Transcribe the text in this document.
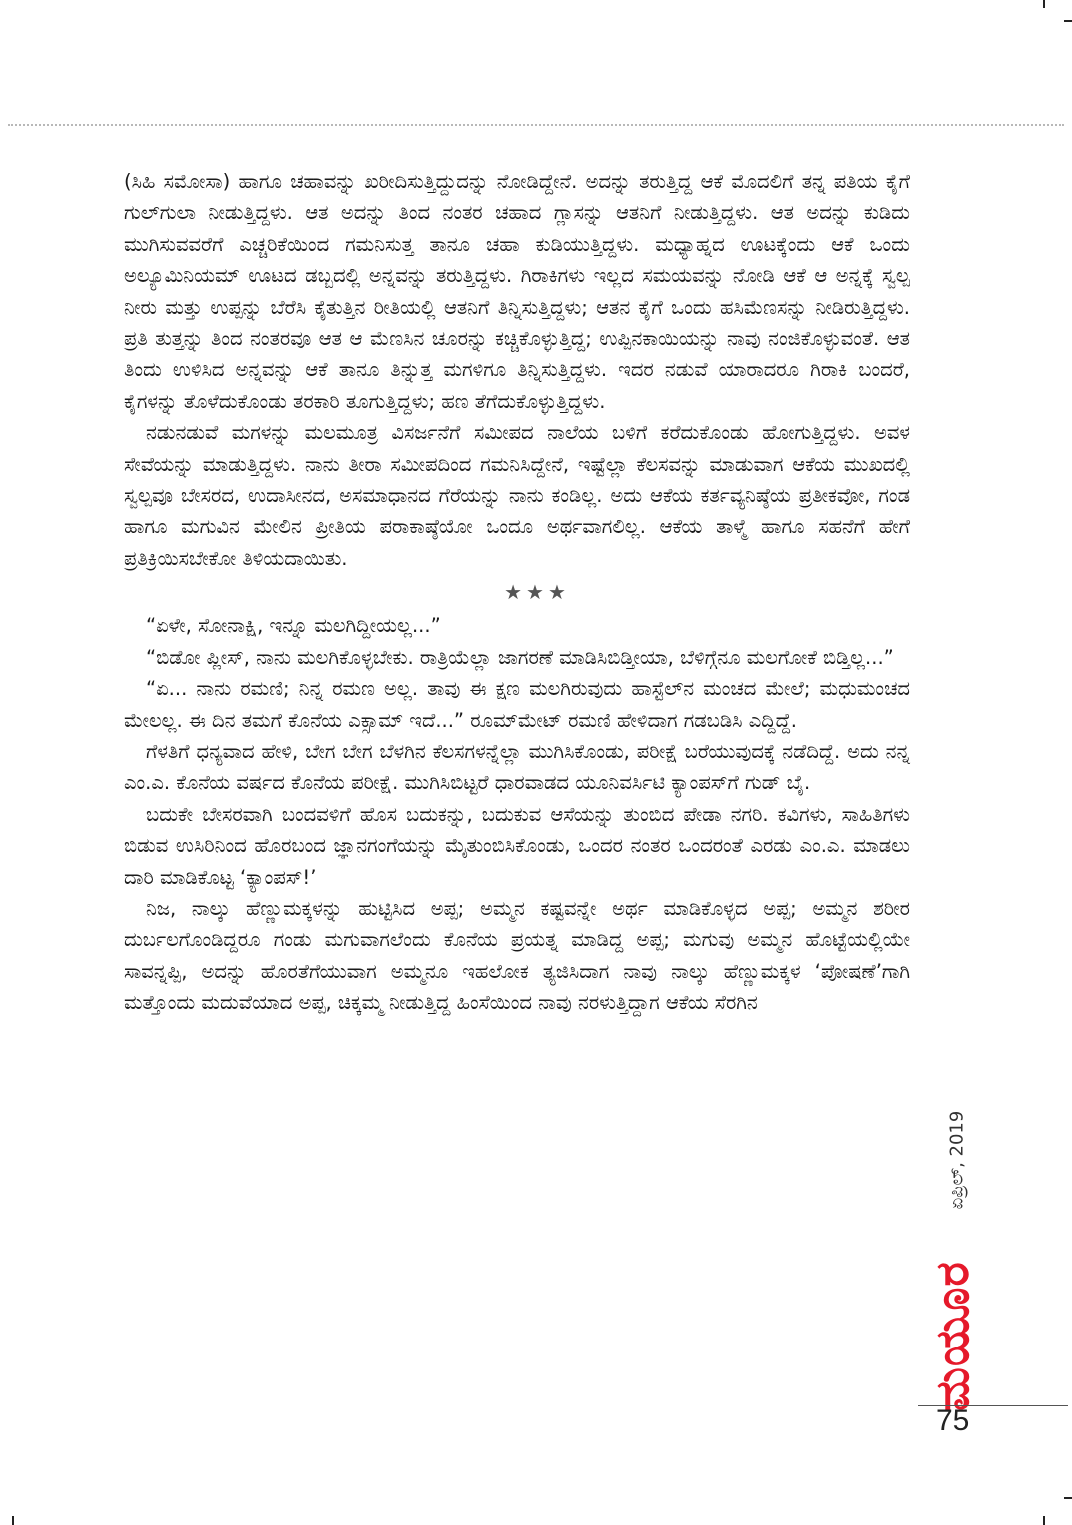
(ಸಿಹಿ ಸಮೋಸಾ) ಹಾಗೂ ಚಹಾವನ್ನು ಖರೀದಿಸುತ್ತಿದ್ದುದನ್ನು ನೋಡಿದ್ದೇನೆ. ಅದನ್ನು ತರುತ್ತಿದ್ದ ಆಕೆ ಮೊದಲಿಗೆ ತನ್ನ ಪತಿಯ ಕೈಗೆ ಗುಲ್‌ಗುಲಾ ನೀಡುತ್ತಿದ್ದಳು. ಆತ ಅದನ್ನು ತಿಂದ ನಂತರ ಚಹಾದ ಗ್ಲಾಸನ್ನು ಆತನಿಗೆ ನೀಡುತ್ತಿದ್ದಳು. ಆತ ಅದನ್ನು ಕುಡಿದು ಮುಗಿಸುವವರೆಗೆ ಎಚ್ಚರಿಕೆಯಿಂದ ಗಮನಿಸುತ್ತ ತಾನೂ ಚಹಾ ಕುಡಿಯುತ್ತಿದ್ದಳು. ಮಧ್ಯಾಹ್ನದ ಊಟಕ್ಕೆಂದು ಆಕೆ ಒಂದು ಅಲ್ಯೂಮಿನಿಯಮ್ ಊಟದ ಡಬ್ಬದಲ್ಲಿ ಅನ್ನವನ್ನು ತರುತ್ತಿದ್ದಳು. ಗಿರಾಕಿಗಳು ಇಲ್ಲದ ಸಮಯವನ್ನು ನೋಡಿ ಆಕೆ ಆ ಅನ್ನಕ್ಕೆ ಸ್ವಲ್ಪ ನೀರು ಮತ್ತು ಉಪ್ಪನ್ನು ಬೆರೆಸಿ ಕೈತುತ್ತಿನ ರೀತಿಯಲ್ಲಿ ಆತನಿಗೆ ತಿನ್ನಿಸುತ್ತಿದ್ದಳು; ಆತನ ಕೈಗೆ ಒಂದು ಹಸಿಮೆಣಸನ್ನು ನೀಡಿರುತ್ತಿದ್ದಳು. ಪ್ರತಿ ತುತ್ತನ್ನು ತಿಂದ ನಂತರವೂ ಆತ ಆ ಮೆಣಸಿನ ಚೂರನ್ನು ಕಚ್ಚಿಕೊಳ್ಳುತ್ತಿದ್ದ; ಉಪ್ಪಿನಕಾಯಿಯನ್ನು ನಾವು ನಂಜಿಕೊಳ್ಳುವಂತೆ. ಆತ ತಿಂದು ಉಳಿಸಿದ ಅನ್ನವನ್ನು ಆಕೆ ತಾನೂ ತಿನ್ನುತ್ತ ಮಗಳಿಗೂ ತಿನ್ನಿಸುತ್ತಿದ್ದಳು. ಇದರ ನಡುವೆ ಯಾರಾದರೂ ಗಿರಾಕಿ ಬಂದರೆ, ಕೈಗಳನ್ನು ತೊಳೆದುಕೊಂಡು ತರಕಾರಿ ತೂಗುತ್ತಿದ್ದಳು; ಹಣ ತೆಗೆದುಕೊಳ್ಳುತ್ತಿದ್ದಳು.

ನಡುನಡುವೆ ಮಗಳನ್ನು ಮಲಮೂತ್ರ ವಿಸರ್ಜನೆಗೆ ಸಮೀಪದ ನಾಲೆಯ ಬಳಿಗೆ ಕರೆದುಕೊಂಡು ಹೋಗುತ್ತಿದ್ದಳು. ಅವಳ ಸೇವೆಯನ್ನು ಮಾಡುತ್ತಿದ್ದಳು. ನಾನು ತೀರಾ ಸಮೀಪದಿಂದ ಗಮನಿಸಿದ್ದೇನೆ, ಇಷ್ಟೆಲ್ಲಾ ಕೆಲಸವನ್ನು ಮಾಡುವಾಗ ಆಕೆಯ ಮುಖದಲ್ಲಿ ಸ್ವಲ್ಪವೂ ಬೇಸರದ, ಉದಾಸೀನದ, ಅಸಮಾಧಾನದ ಗೆರೆಯನ್ನು ನಾನು ಕಂಡಿಲ್ಲ. ಅದು ಆಕೆಯ ಕರ್ತವ್ಯನಿಷ್ಠೆಯ ಪ್ರತೀಕವೋ, ಗಂಡ ಹಾಗೂ ಮಗುವಿನ ಮೇಲಿನ ಪ್ರೀತಿಯ ಪರಾಕಾಷ್ಠೆಯೋ ಒಂದೂ ಅರ್ಥವಾಗಲಿಲ್ಲ. ಆಕೆಯ ತಾಳ್ಮೆ ಹಾಗೂ ಸಹನೆಗೆ ಹೇಗೆ ಪ್ರತಿಕ್ರಿಯಿಸಬೇಕೋ ತಿಳಿಯದಾಯಿತು.

★★★

“ಏಳೇ, ಸೋನಾಕ್ಷಿ, ಇನ್ನೂ ಮಲಗಿದ್ದೀಯಲ್ಲ...”

“ಬಿಡೋ ಪ್ಲೀಸ್, ನಾನು ಮಲಗಿಕೊಳ್ಳಬೇಕು. ರಾತ್ರಿಯೆಲ್ಲಾ ಜಾಗರಣೆ ಮಾಡಿಸಿಬಿಡ್ತೀಯಾ, ಬೆಳಿಗ್ಗೆನೂ ಮಲಗೋಕೆ ಬಿಡ್ತಿಲ್ಲ...”

“ಏ... ನಾನು ರಮಣಿ; ನಿನ್ನ ರಮಣ ಅಲ್ಲ. ತಾವು ಈ ಕ್ಷಣ ಮಲಗಿರುವುದು ಹಾಸ್ಟೆಲ್‌ನ ಮಂಚದ ಮೇಲೆ; ಮಧುಮಂಚದ ಮೇಲಲ್ಲ. ಈ ದಿನ ತಮಗೆ ಕೊನೆಯ ಎಕ್ಸಾಮ್ ಇದೆ...” ರೂಮ್‌ಮೇಟ್ ರಮಣಿ ಹೇಳಿದಾಗ ಗಡಬಡಿಸಿ ಎದ್ದಿದ್ದೆ.

ಗೆಳತಿಗೆ ಧನ್ಯವಾದ ಹೇಳಿ, ಬೇಗ ಬೇಗ ಬೆಳಗಿನ ಕೆಲಸಗಳನ್ನೆಲ್ಲಾ ಮುಗಿಸಿಕೊಂಡು, ಪರೀಕ್ಷೆ ಬರೆಯುವುದಕ್ಕೆ ನಡೆದಿದ್ದೆ. ಅದು ನನ್ನ ಎಂ.ಎ. ಕೊನೆಯ ವರ್ಷದ ಕೊನೆಯ ಪರೀಕ್ಷೆ. ಮುಗಿಸಿಬಿಟ್ಟರೆ ಧಾರವಾಡದ ಯೂನಿವರ್ಸಿಟಿ ಕ್ಯಾಂಪಸ್‌ಗೆ ಗುಡ್ ಬೈ.

ಬದುಕೇ ಬೇಸರವಾಗಿ ಬಂದವಳಿಗೆ ಹೊಸ ಬದುಕನ್ನು, ಬದುಕುವ ಆಸೆಯನ್ನು ತುಂಬಿದ ಪೇಡಾ ನಗರಿ. ಕವಿಗಳು, ಸಾಹಿತಿಗಳು ಬಿಡುವ ಉಸಿರಿನಿಂದ ಹೊರಬಂದ ಜ್ಞಾನಗಂಗೆಯನ್ನು ಮೈತುಂಬಿಸಿಕೊಂಡು, ಒಂದರ ನಂತರ ಒಂದರಂತೆ ಎರಡು ಎಂ.ಎ. ಮಾಡಲು ದಾರಿ ಮಾಡಿಕೊಟ್ಟ ‘ಕ್ಯಾಂಪಸ್!’

ನಿಜ, ನಾಲ್ಕು ಹೆಣ್ಣುಮಕ್ಕಳನ್ನು ಹುಟ್ಟಿಸಿದ ಅಪ್ಪ; ಅಮ್ಮನ ಕಷ್ಟವನ್ನೇ ಅರ್ಥ ಮಾಡಿಕೊಳ್ಳದ ಅಪ್ಪ; ಅಮ್ಮನ ಶರೀರ ದುರ್ಬಲಗೊಂಡಿದ್ದರೂ ಗಂಡು ಮಗುವಾಗಲೆಂದು ಕೊನೆಯ ಪ್ರಯತ್ನ ಮಾಡಿದ್ದ ಅಪ್ಪ; ಮಗುವು ಅಮ್ಮನ ಹೊಟ್ಟೆಯಲ್ಲಿಯೇ ಸಾವನ್ನಪ್ಪಿ, ಅದನ್ನು ಹೊರತೆಗೆಯುವಾಗ ಅಮ್ಮನೂ ಇಹಲೋಕ ತ್ಯಜಿಸಿದಾಗ ನಾವು ನಾಲ್ಕು ಹೆಣ್ಣುಮಕ್ಕಳ ‘ಪೋಷಣೆ’ಗಾಗಿ ಮತ್ತೊಂದು ಮದುವೆಯಾದ ಅಪ್ಪ, ಚಿಕ್ಕಮ್ಮ ನೀಡುತ್ತಿದ್ದ ಹಿಂಸೆಯಿಂದ ನಾವು ನರಳುತ್ತಿದ್ದಾಗ ಆಕೆಯ ಸೆರಗಿನ

ಏಪ್ರಿಲ್, 2019
ಮಯೂರ
75
